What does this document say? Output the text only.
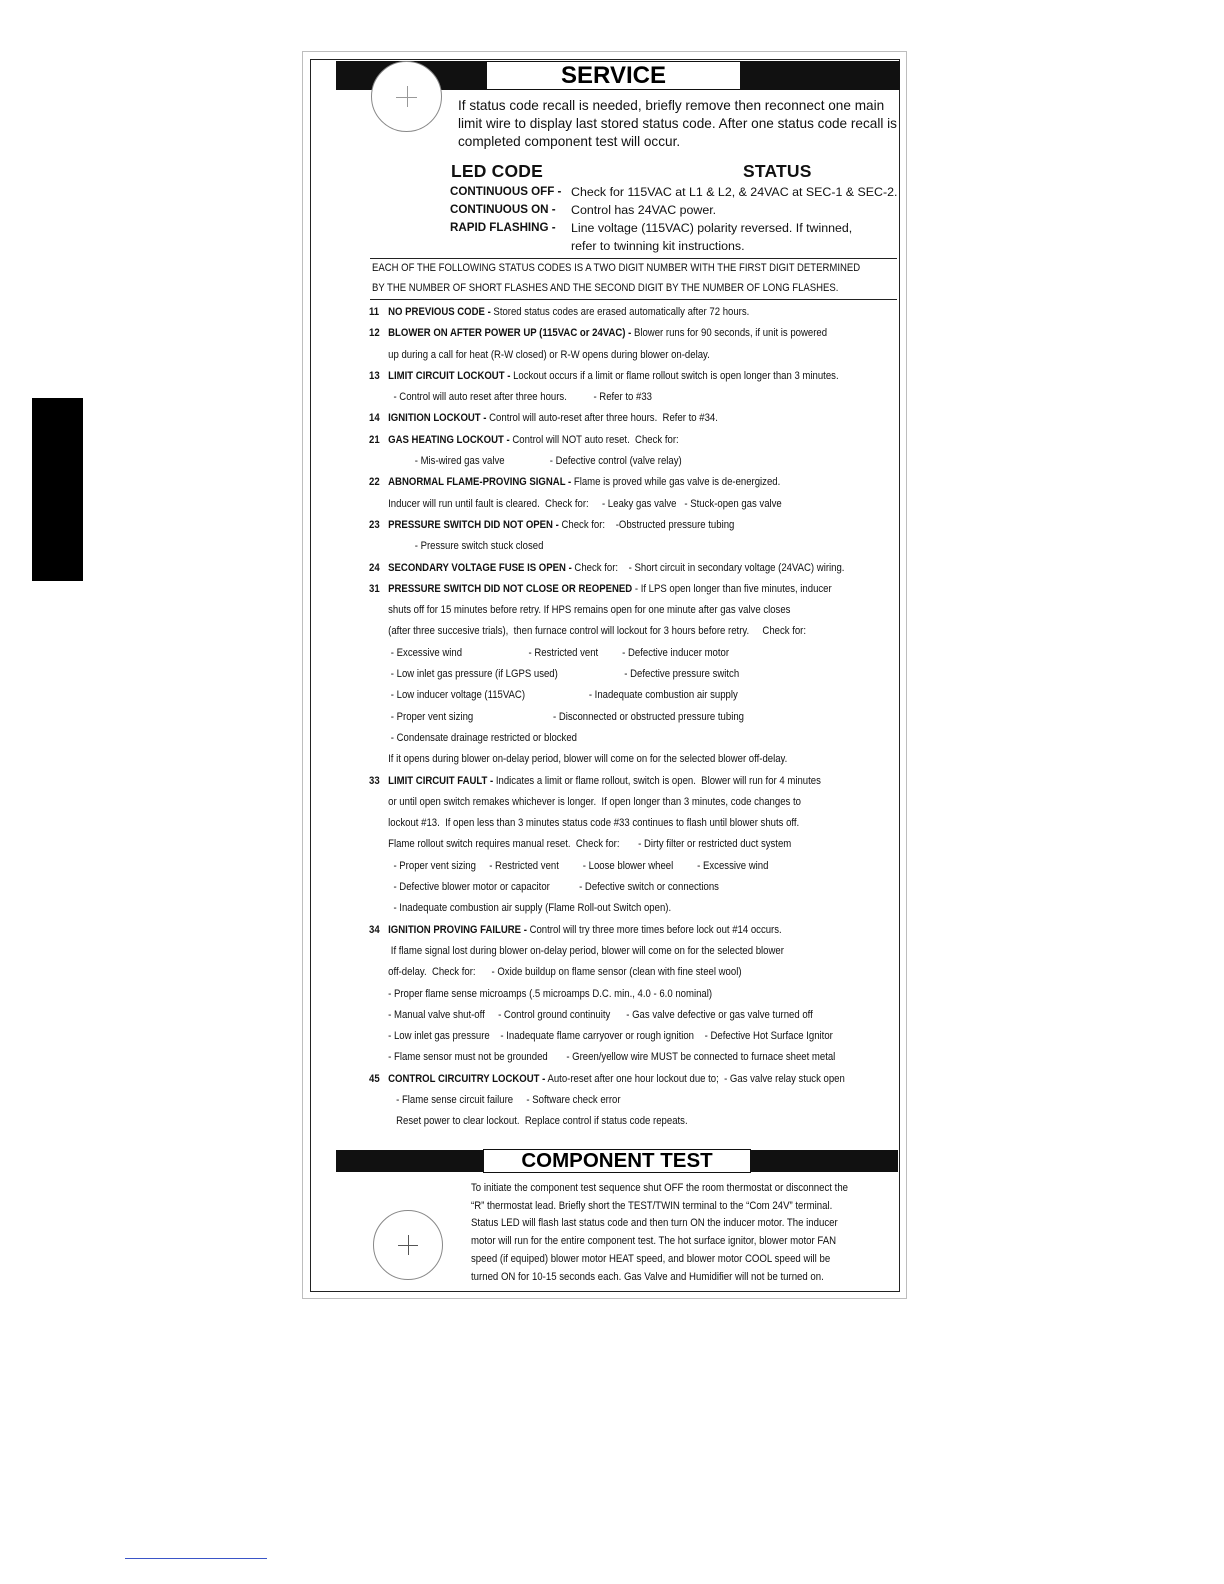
SERVICE
If status code recall is needed, briefly remove then reconnect one main
limit wire to display last stored status code. After one status code recall is
completed component test will occur.
LED CODE	STATUS
CONTINUOUS OFF - Check for 115VAC at L1 & L2, & 24VAC at SEC-1 & SEC-2.
CONTINUOUS ON -	Control has 24VAC power.
RAPID FLASHING -	Line voltage (115VAC) polarity reversed. If twinned,
refer to twinning kit instructions.
EACH OF THE FOLLOWING STATUS CODES IS A TWO DIGIT NUMBER WITH THE FIRST DIGIT DETERMINED
BY THE NUMBER OF SHORT FLASHES AND THE SECOND DIGIT BY THE NUMBER OF LONG FLASHES.
11 NO PREVIOUS CODE - Stored status codes are erased automatically after 72 hours.
12 BLOWER ON AFTER POWER UP (115VAC or 24VAC) - Blower runs for 90 seconds, if unit is powered
up during a call for heat (R-W closed) or R-W opens during blower on-delay.
13 LIMIT CIRCUIT LOCKOUT - Lockout occurs if a limit or flame rollout switch is open longer than 3 minutes.
- Control will auto reset after three hours.          - Refer to #33
14 IGNITION LOCKOUT - Control will auto-reset after three hours.  Refer to #34.
21 GAS HEATING LOCKOUT - Control will NOT auto reset.  Check for:
- Mis-wired gas valve                 - Defective control (valve relay)
22 ABNORMAL FLAME-PROVING SIGNAL - Flame is proved while gas valve is de-energized.
Inducer will run until fault is cleared.  Check for:     - Leaky gas valve   - Stuck-open gas valve
23 PRESSURE SWITCH DID NOT OPEN - Check for:    -Obstructed pressure tubing
- Pressure switch stuck closed
24 SECONDARY VOLTAGE FUSE IS OPEN - Check for:    - Short circuit in secondary voltage (24VAC) wiring.
31 PRESSURE SWITCH DID NOT CLOSE OR REOPENED - If LPS open longer than five minutes, inducer
shuts off for 15 minutes before retry. If HPS remains open for one minute after gas valve closes
(after three succesive trials),  then furnace control will lockout for 3 hours before retry.     Check for:
- Excessive wind                         - Restricted vent         - Defective inducer motor
- Low inlet gas pressure (if LGPS used)                         - Defective pressure switch
- Low inducer voltage (115VAC)                        - Inadequate combustion air supply
- Proper vent sizing                              - Disconnected or obstructed pressure tubing
- Condensate drainage restricted or blocked
If it opens during blower on-delay period, blower will come on for the selected blower off-delay.
33 LIMIT CIRCUIT FAULT - Indicates a limit or flame rollout, switch is open.  Blower will run for 4 minutes
or until open switch remakes whichever is longer.  If open longer than 3 minutes, code changes to
lockout #13.  If open less than 3 minutes status code #33 continues to flash until blower shuts off.
Flame rollout switch requires manual reset.  Check for:       - Dirty filter or restricted duct system
- Proper vent sizing     - Restricted vent         - Loose blower wheel         - Excessive wind
- Defective blower motor or capacitor           - Defective switch or connections
- Inadequate combustion air supply (Flame Roll-out Switch open).
34 IGNITION PROVING FAILURE - Control will try three more times before lock out #14 occurs.
If flame signal lost during blower on-delay period, blower will come on for the selected blower
off-delay.  Check for:      - Oxide buildup on flame sensor (clean with fine steel wool)
- Proper flame sense microamps (.5 microamps D.C. min., 4.0 - 6.0 nominal)
- Manual valve shut-off     - Control ground continuity      - Gas valve defective or gas valve turned off
- Low inlet gas pressure    - Inadequate flame carryover or rough ignition    - Defective Hot Surface Ignitor
- Flame sensor must not be grounded       - Green/yellow wire MUST be connected to furnace sheet metal
45 CONTROL CIRCUITRY LOCKOUT - Auto-reset after one hour lockout due to;  - Gas valve relay stuck open
- Flame sense circuit failure     - Software check error
Reset power to clear lockout.  Replace control if status code repeats.
COMPONENT TEST
To initiate the component test sequence shut OFF the room thermostat or disconnect the
“R” thermostat lead. Briefly short the TEST/TWIN terminal to the “Com 24V” terminal.
Status LED will flash last status code and then turn ON the inducer motor. The inducer
motor will run for the entire component test. The hot surface ignitor, blower motor FAN
speed (if equiped) blower motor HEAT speed, and blower motor COOL speed will be
turned ON for 10-15 seconds each. Gas Valve and Humidifier will not be turned on.
